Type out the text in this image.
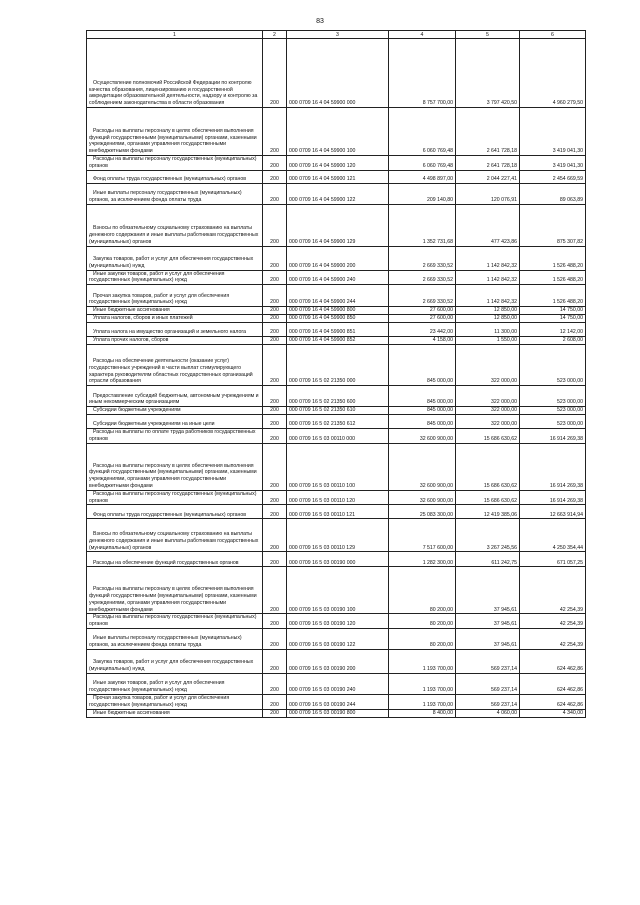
83
1	2	3	4	5	6
Осуществление полномочий Российской Федерации по контролю качества образования, лицензированию и государственной аккредитации образовательной деятельности, надзору и контролю за соблюдением законодательства в области образования	200	000 0709 16 4 04 59900 000	8 757 700,00	3 797 420,50	4 960 279,50
Расходы на выплаты персоналу в целях обеспечения выполнения функций государственными (муниципальными) органами, казенными учреждениями, органами управления государственными внебюджетными фондами	200	000 0709 16 4 04 59900 100	6 060 769,48	2 641 728,18	3 419 041,30
Расходы на выплаты персоналу государственных (муниципальных) органов	200	000 0709 16 4 04 59900 120	6 060 769,48	2 641 728,18	3 419 041,30
Фонд оплаты труда государственных (муниципальных) органов	200	000 0709 16 4 04 59900 121	4 498 897,00	2 044 227,41	2 454 669,59
Иные выплаты персоналу государственных (муниципальных) органов, за исключением фонда оплаты труда	200	000 0709 16 4 04 59900 122	209 140,80	120 076,91	89 063,89
Взносы по обязательному социальному страхованию на выплаты денежного содержания и иные выплаты работникам государственных (муниципальных) органов	200	000 0709 16 4 04 59900 129	1 352 731,68	477 423,86	875 307,82
Закупка товаров, работ и услуг для обеспечения государственных (муниципальных) нужд	200	000 0709 16 4 04 59900 200	2 669 330,52	1 142 842,32	1 526 488,20
Иные закупки товаров, работ и услуг для обеспечения государственных (муниципальных) нужд	200	000 0709 16 4 04 59900 240	2 669 330,52	1 142 842,32	1 526 488,20
Прочая закупка товаров, работ и услуг для обеспечения государственных (муниципальных) нужд	200	000 0709 16 4 04 59900 244	2 669 330,52	1 142 842,32	1 526 488,20
Иные бюджетные ассигнования	200	000 0709 16 4 04 59900 800	27 600,00	12 850,00	14 750,00
Уплата налогов, сборов и иных платежей	200	000 0709 16 4 04 59900 850	27 600,00	12 850,00	14 750,00
Уплата налога на имущество организаций и земельного налога	200	000 0709 16 4 04 59900 851	23 442,00	11 300,00	12 142,00
Уплата прочих налогов, сборов	200	000 0709 16 4 04 59900 852	4 158,00	1 550,00	2 608,00
Расходы на обеспечение деятельности (оказание услуг) государственных учреждений в части выплат стимулирующего характера руководителям областных государственных организаций отрасли образования	200	000 0709 16 5 02 21350 000	845 000,00	322 000,00	523 000,00
Предоставление субсидий бюджетным, автономным учреждениям и иным некоммерческим организациям	200	000 0709 16 5 02 21350 600	845 000,00	322 000,00	523 000,00
Субсидии бюджетным учреждениям	200	000 0709 16 5 02 21350 610	845 000,00	322 000,00	523 000,00
Субсидии бюджетным учреждениям на иные цели	200	000 0709 16 5 02 21350 612	845 000,00	322 000,00	523 000,00
Расходы на выплаты по оплате труда работников государственных органов	200	000 0709 16 5 03 00110 000	32 600 900,00	15 686 630,62	16 914 269,38
Расходы на выплаты персоналу в целях обеспечения выполнения функций государственными (муниципальными) органами, казенными учреждениями, органами управления государственными внебюджетными фондами	200	000 0709 16 5 03 00110 100	32 600 900,00	15 686 630,62	16 914 269,38
Расходы на выплаты персоналу государственных (муниципальных) органов	200	000 0709 16 5 03 00110 120	32 600 900,00	15 686 630,62	16 914 269,38
Фонд оплаты труда государственных (муниципальных) органов	200	000 0709 16 5 03 00110 121	25 083 300,00	12 419 385,06	12 663 914,94
Взносы по обязательному социальному страхованию на выплаты денежного содержания и иные выплаты работникам государственных (муниципальных) органов	200	000 0709 16 5 03 00110 129	7 517 600,00	3 267 245,56	4 250 354,44
Расходы на обеспечение функций государственных органов	200	000 0709 16 5 03 00190 000	1 282 300,00	611 242,75	671 057,25
Расходы на выплаты персоналу в целях обеспечения выполнения функций государственными (муниципальными) органами, казенными учреждениями, органами управления государственными внебюджетными фондами	200	000 0709 16 5 03 00190 100	80 200,00	37 945,61	42 254,39
Расходы на выплаты персоналу государственных (муниципальных) органов	200	000 0709 16 5 03 00190 120	80 200,00	37 945,61	42 254,39
Иные выплаты персоналу государственных (муниципальных) органов, за исключением фонда оплаты труда	200	000 0709 16 5 03 00190 122	80 200,00	37 945,61	42 254,39
Закупка товаров, работ и услуг для обеспечения государственных (муниципальных) нужд	200	000 0709 16 5 03 00190 200	1 193 700,00	569 237,14	624 462,86
Иные закупки товаров, работ и услуг для обеспечения государственных (муниципальных) нужд	200	000 0709 16 5 03 00190 240	1 193 700,00	569 237,14	624 462,86
Прочая закупка товаров, работ и услуг для обеспечения государственных (муниципальных) нужд	200	000 0709 16 5 03 00190 244	1 193 700,00	569 237,14	624 462,86
Иные бюджетные ассигнования	200	000 0709 16 5 03 00190 800	8 400,00	4 060,00	4 340,00
